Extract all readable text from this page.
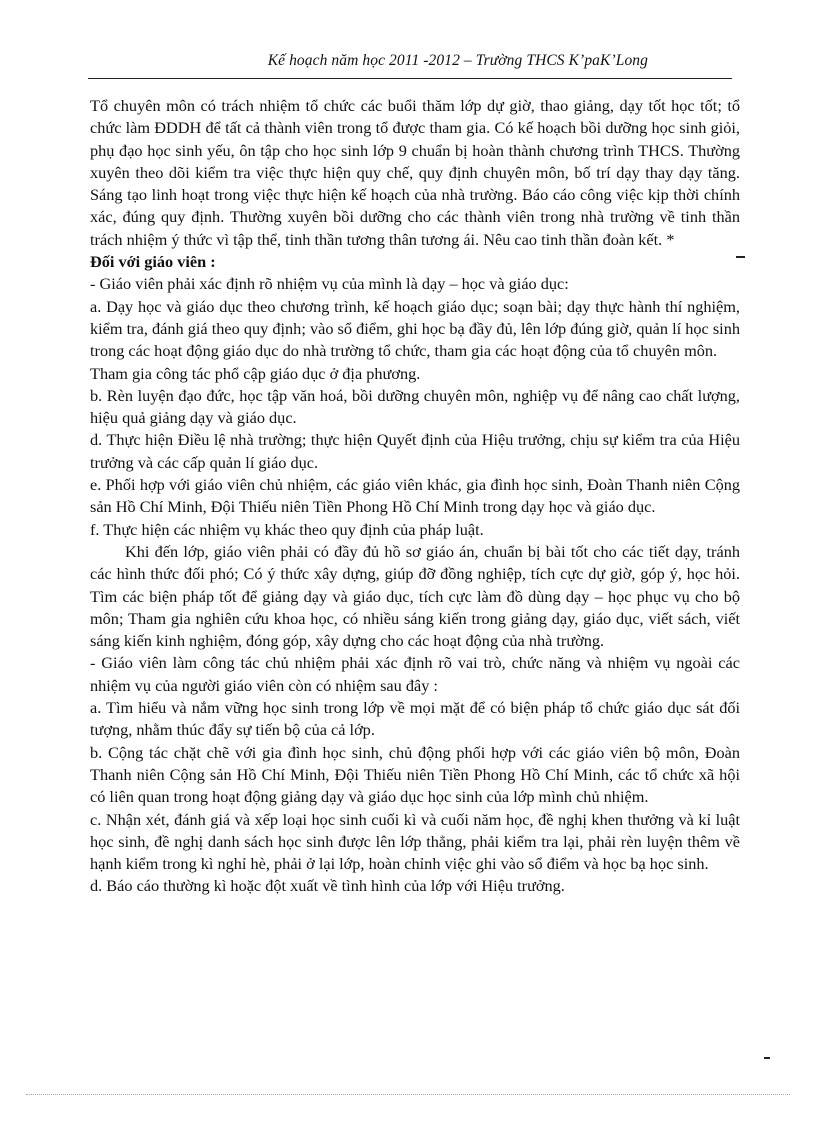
Kế hoạch năm học 2011 -2012 – Trường THCS K’paK’Long

Tổ chuyên môn có trách nhiệm tổ chức các buổi thăm lớp dự giờ, thao giảng, dạy tốt học tốt; tổ chức làm ĐDDH để tất cả thành viên trong tổ được tham gia. Có kế hoạch bồi dưỡng học sinh giỏi, phụ đạo học sinh yếu, ôn tập cho học sinh lớp 9 chuẩn bị hoàn thành chương trình THCS. Thường xuyên theo dõi kiểm tra việc thực hiện quy chế, quy định chuyên môn, bố trí dạy thay dạy tăng. Sáng tạo linh hoạt trong việc thực hiện kế hoạch của nhà trường. Báo cáo công việc kịp thời chính xác, đúng quy định. Thường xuyên bồi dưỡng cho các thành viên trong nhà trường về tinh thần trách nhiệm ý thức vì tập thể, tinh thần tương thân tương ái. Nêu cao tinh thần đoàn kết. *

Đối với giáo viên :

- Giáo viên phải xác định rõ nhiệm vụ của mình là dạy – học và giáo dục:

a. Dạy học và giáo dục theo chương trình, kế hoạch giáo dục; soạn bài; dạy thực hành thí nghiệm, kiểm tra, đánh giá theo quy định; vào sổ điểm, ghi học bạ đầy đủ, lên lớp đúng giờ, quản lí học sinh trong các hoạt động giáo dục do nhà trường tổ chức, tham gia các hoạt động của tổ chuyên môn.

Tham gia công tác phổ cập giáo dục ở địa phương.

b. Rèn luyện đạo đức, học tập văn hoá, bồi dưỡng chuyên môn, nghiệp vụ để nâng cao chất lượng, hiệu quả giảng dạy và giáo dục.

d. Thực hiện Điều lệ nhà trường; thực hiện Quyết định của Hiệu trưởng, chịu sự kiểm tra của Hiệu trưởng và các cấp quản lí giáo dục.

e. Phối hợp với giáo viên chủ nhiệm, các giáo viên khác, gia đình học sinh, Đoàn Thanh niên Cộng sản Hồ Chí Minh, Đội Thiếu niên Tiền Phong Hồ Chí Minh trong dạy học và giáo dục.

f. Thực hiện các nhiệm vụ khác theo quy định của pháp luật.

Khi đến lớp, giáo viên phải có đầy đủ hồ sơ giáo án, chuẩn bị bài tốt cho các tiết dạy, tránh các hình thức đối phó; Có ý thức xây dựng, giúp đỡ đồng nghiệp, tích cực dự giờ, góp ý, học hỏi. Tìm các biện pháp tốt để giảng dạy và giáo dục, tích cực làm đồ dùng dạy – học phục vụ cho bộ môn; Tham gia nghiên cứu khoa học, có nhiều sáng kiến trong giảng dạy, giáo dục, viết sách, viết sáng kiến kinh nghiệm, đóng góp, xây dựng cho các hoạt động của nhà trường.

- Giáo viên làm công tác chủ nhiệm phải xác định rõ vai trò, chức năng và nhiệm vụ ngoài các nhiệm vụ của người giáo viên còn có nhiệm sau đây :

a. Tìm hiểu và nắm vững học sinh trong lớp về mọi mặt để có biện pháp tổ chức giáo dục sát đối tượng, nhằm thúc đẩy sự tiến bộ của cả lớp.

b. Cộng tác chặt chẽ với gia đình học sinh, chủ động phối hợp với các giáo viên bộ môn, Đoàn Thanh niên Cộng sản Hồ Chí Minh, Đội Thiếu niên Tiền Phong Hồ Chí Minh, các tổ chức xã hội có liên quan trong hoạt động giảng dạy và giáo dục học sinh của lớp mình chủ nhiệm.

c. Nhận xét, đánh giá và xếp loại học sinh cuối kì và cuối năm học, đề nghị khen thưởng và kỉ luật học sinh, đề nghị danh sách học sinh được lên lớp thẳng, phải kiểm tra lại, phải rèn luyện thêm về hạnh kiểm trong kì nghỉ hè, phải ở lại lớp, hoàn chỉnh việc ghi vào sổ điểm và học bạ học sinh.

d. Báo cáo thường kì hoặc đột xuất về tình hình của lớp với Hiệu trưởng.
